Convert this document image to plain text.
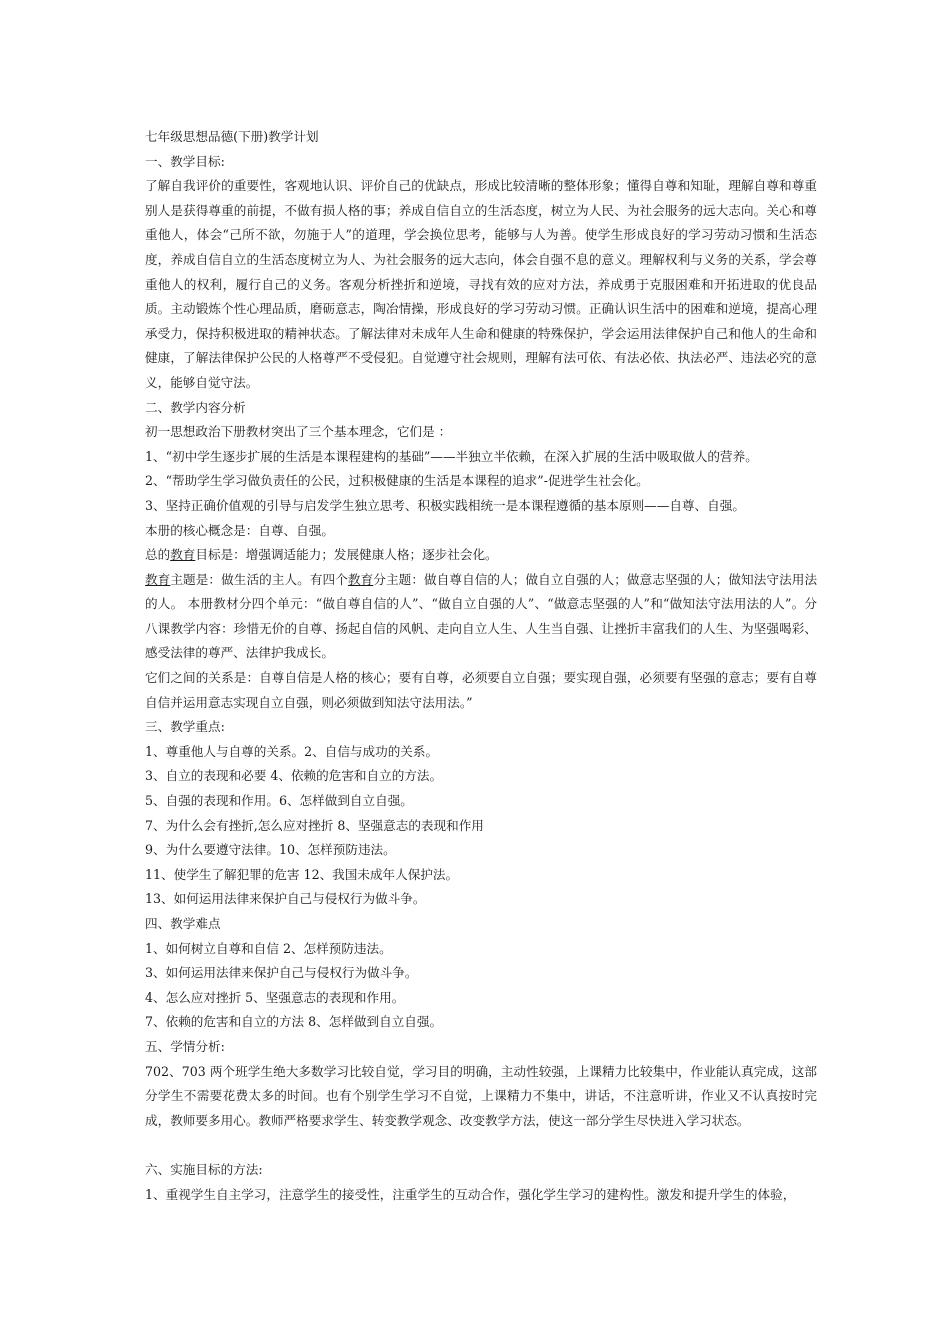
七年级思想品德(下册)教学计划
一、教学目标:
了解自我评价的重要性，客观地认识、评价自己的优缺点，形成比较清晰的整体形象；懂得自尊和知耻，理解自尊和尊重别人是获得尊重的前提，不做有损人格的事；养成自信自立的生活态度，树立为人民、为社会服务的远大志向。关心和尊重他人，体会“己所不欲，勿施于人”的道理，学会换位思考，能够与人为善。使学生形成良好的学习劳动习惯和生活态度，养成自信自立的生活态度树立为人、为社会服务的远大志向，体会自强不息的意义。理解权利与义务的关系，学会尊重他人的权利，履行自己的义务。客观分析挫折和逆境，寻找有效的应对方法，养成勇于克服困难和开拓进取的优良品质。主动锻炼个性心理品质，磨砺意志，陶冶情操，形成良好的学习劳动习惯。正确认识生活中的困难和逆境，提高心理承受力，保持积极进取的精神状态。了解法律对未成年人生命和健康的特殊保护，学会运用法律保护自己和他人的生命和健康，了解法律保护公民的人格尊严不受侵犯。自觉遵守社会规则，理解有法可依、有法必依、执法必严、违法必究的意义，能够自觉守法。
二、教学内容分析
初一思想政治下册教材突出了三个基本理念，它们是 ：
1、“初中学生逐步扩展的生活是本课程建构的基础”——半独立半依赖，在深入扩展的生活中吸取做人的营养。
2、“帮助学生学习做负责任的公民，过积极健康的生活是本课程的追求”-促进学生社会化。
3、坚持正确价值观的引导与启发学生独立思考、积极实践相统一是本课程遵循的基本原则——自尊、自强。
本册的核心概念是：自尊、自强。
总的教育目标是：增强调适能力；发展健康人格；逐步社会化。
教育主题是：做生活的主人。有四个教育分主题：做自尊自信的人；做自立自强的人；做意志坚强的人；做知法守法用法的人。 本册教材分四个单元：“做自尊自信的人”、“做自立自强的人”、“做意志坚强的人”和“做知法守法用法的人”。分八课教学内容：珍惜无价的自尊、扬起自信的风帆、走向自立人生、人生当自强、让挫折丰富我们的人生、为坚强喝彩、感受法律的尊严、法律护我成长。
它们之间的关系是：自尊自信是人格的核心；要有自尊，必须要自立自强；要实现自强，必须要有坚强的意志；要有自尊自信并运用意志实现自立自强，则必须做到知法守法用法。”
三、教学重点:
1、尊重他人与自尊的关系。2、自信与成功的关系。
3、自立的表现和必要 4、依赖的危害和自立的方法。
5、自强的表现和作用。6、怎样做到自立自强。
7、为什么会有挫折,怎么应对挫折 8、坚强意志的表现和作用
9、为什么要遵守法律。10、怎样预防违法。
11、使学生了解犯罪的危害 12、我国未成年人保护法。
13、如何运用法律来保护自己与侵权行为做斗争。
四、教学难点
1、如何树立自尊和自信 2、怎样预防违法。
3、如何运用法律来保护自己与侵权行为做斗争。
4、怎么应对挫折 5、坚强意志的表现和作用。
7、依赖的危害和自立的方法 8、怎样做到自立自强。
五、学情分析:
702、703 两个班学生绝大多数学习比较自觉，学习目的明确，主动性较强，上课精力比较集中，作业能认真完成，这部分学生不需要花费太多的时间。也有个别学生学习不自觉，上课精力不集中，讲话，不注意听讲，作业又不认真按时完成，教师要多用心。教师严格要求学生、转变教学观念、改变教学方法，使这一部分学生尽快进入学习状态。
六、实施目标的方法:
1、重视学生自主学习，注意学生的接受性，注重学生的互动合作，强化学生学习的建构性。激发和提升学生的体验，
